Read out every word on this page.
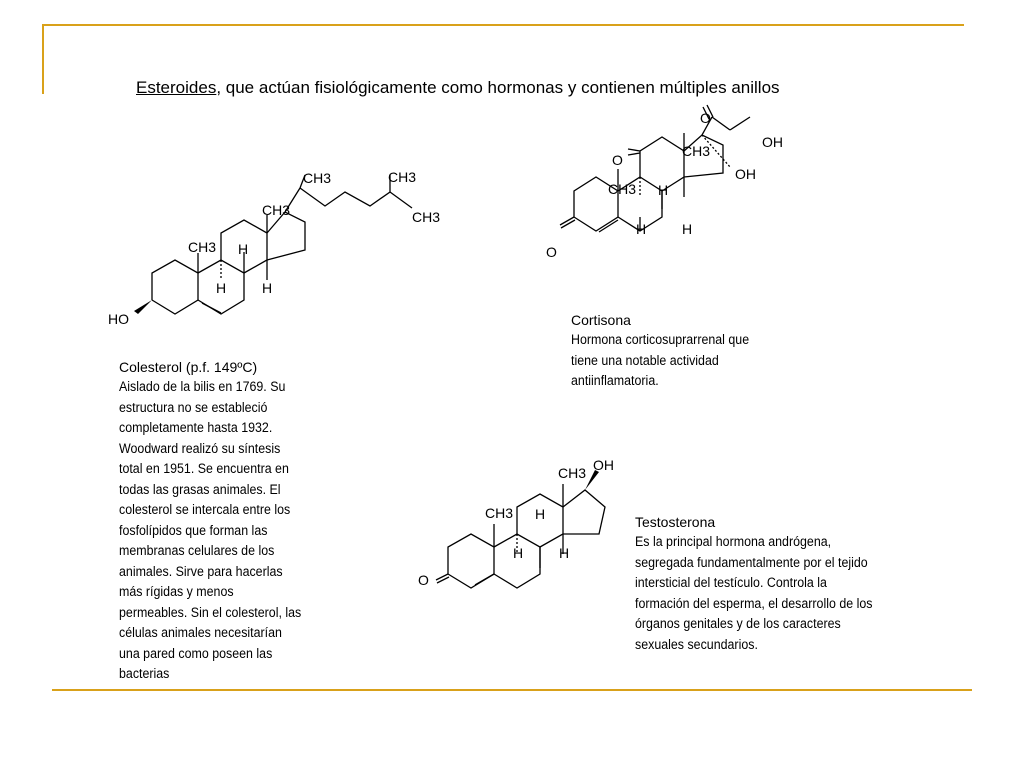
Esteroides, que actúan fisiológicamente como hormonas y contienen múltiples anillos
HO
CH3
CH3
CH3	CH3
CH3
H
H	H
Colesterol (p.f. 149ºC)
Aislado de la bilis en 1769. Su estructura no se estableció completamente hasta 1932. Woodward realizó su síntesis total en 1951. Se encuentra en todas las grasas animales. El colesterol se intercala entre los fosfolípidos que forman las membranas celulares de los animales. Sirve para hacerlas más rígidas y menos permeables. Sin el colesterol, las células animales necesitarían una pared como poseen las bacterias
O
O
O
OH
OH
CH3
CH3
H
H	H
Cortisona
Hormona corticosuprarrenal que tiene una notable actividad antiinflamatoria.
O
OH
CH3
CH3
H
H	H
Testosterona
Es la principal hormona andrógena, segregada fundamentalmente por el tejido intersticial del testículo. Controla la formación del esperma, el desarrollo de los órganos genitales y de los caracteres sexuales secundarios.
